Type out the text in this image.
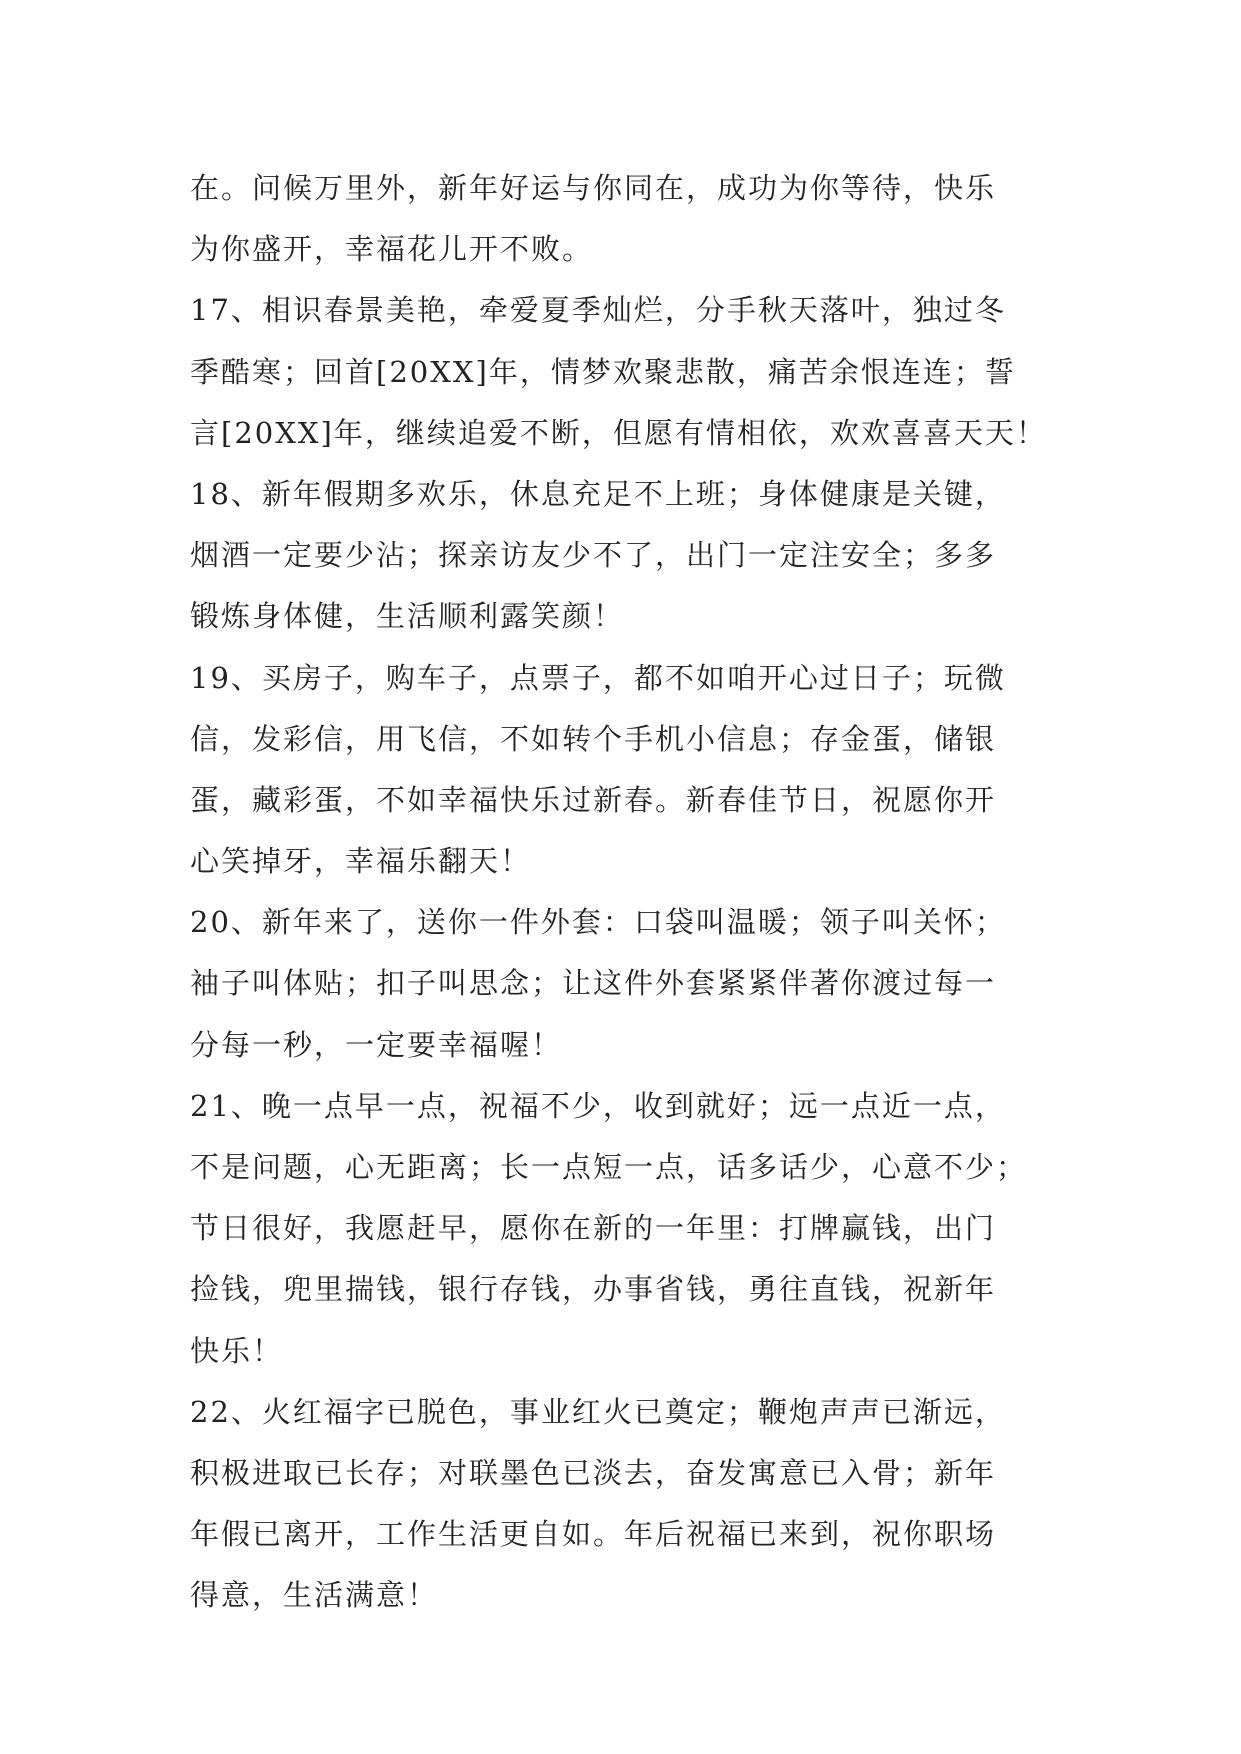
在。问候万里外，新年好运与你同在，成功为你等待，快乐
为你盛开，幸福花儿开不败。
17、相识春景美艳，牵爱夏季灿烂，分手秋天落叶，独过冬
季酷寒；回首[20XX]年，情梦欢聚悲散，痛苦余恨连连；誓
言[20XX]年，继续追爱不断，但愿有情相依，欢欢喜喜天天！
18、新年假期多欢乐，休息充足不上班；身体健康是关键，
烟酒一定要少沾；探亲访友少不了，出门一定注安全；多多
锻炼身体健，生活顺利露笑颜！
19、买房子，购车子，点票子，都不如咱开心过日子；玩微
信，发彩信，用飞信，不如转个手机小信息；存金蛋，储银
蛋，藏彩蛋，不如幸福快乐过新春。新春佳节日，祝愿你开
心笑掉牙，幸福乐翻天！
20、新年来了，送你一件外套：口袋叫温暖；领子叫关怀；
袖子叫体贴；扣子叫思念；让这件外套紧紧伴著你渡过每一
分每一秒，一定要幸福喔！
21、晚一点早一点，祝福不少，收到就好；远一点近一点，
不是问题，心无距离；长一点短一点，话多话少，心意不少；
节日很好，我愿赶早，愿你在新的一年里：打牌赢钱，出门
捡钱，兜里揣钱，银行存钱，办事省钱，勇往直钱，祝新年
快乐！
22、火红福字已脱色，事业红火已奠定；鞭炮声声已渐远，
积极进取已长存；对联墨色已淡去，奋发寓意已入骨；新年
年假已离开，工作生活更自如。年后祝福已来到，祝你职场
得意，生活满意！
